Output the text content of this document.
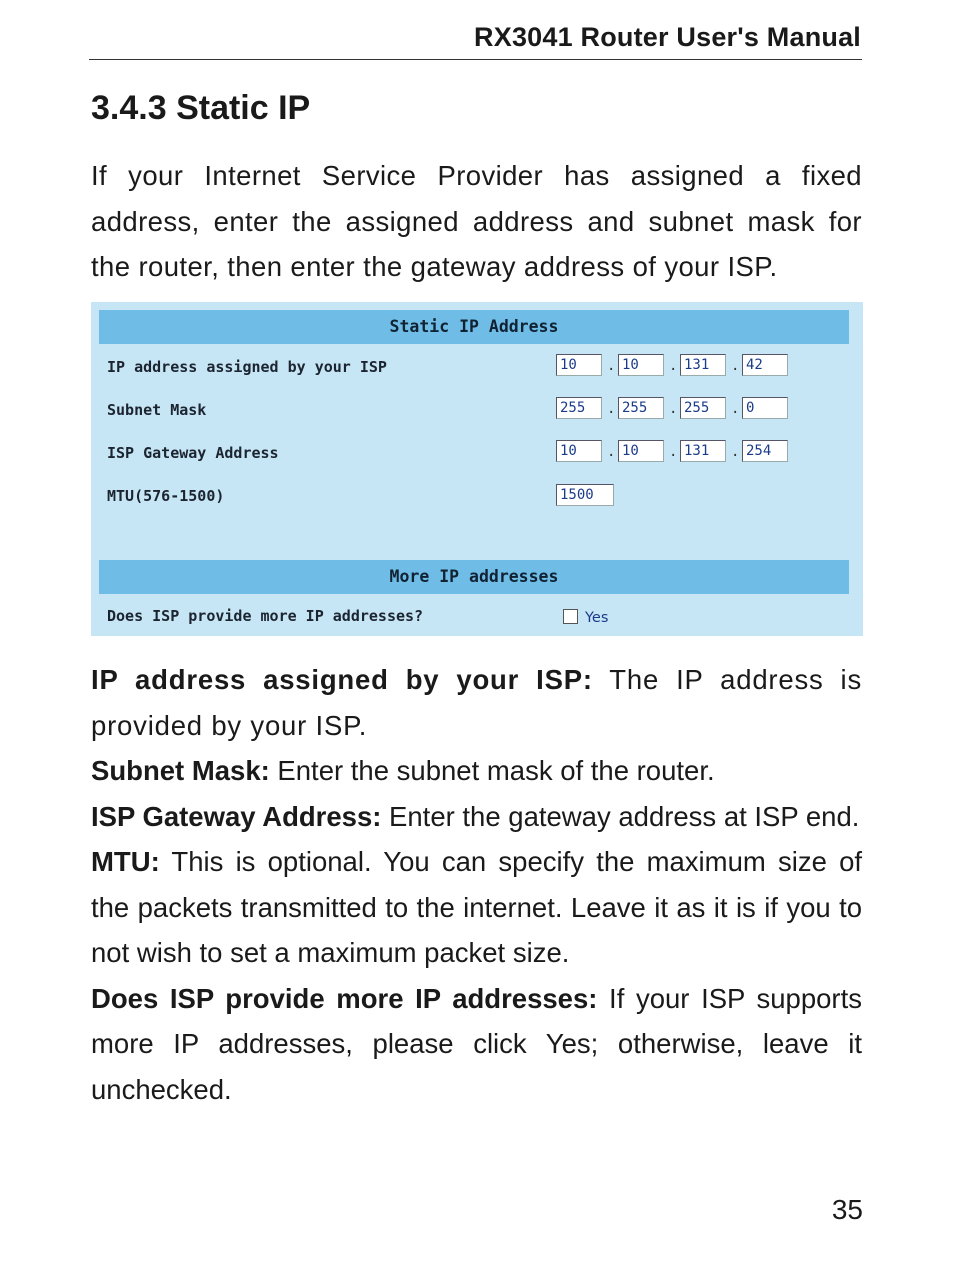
RX3041 Router User's Manual
3.4.3 Static IP
If your Internet Service Provider has assigned a fixed address, enter the assigned address and subnet mask for the router, then enter the gateway address of your ISP.
Static IP Address
IP address assigned by your ISP	10	. 10	. 131	. 42
Subnet Mask	255	. 255	. 255	. 0
ISP Gateway Address	10	. 10	. 131	. 254
MTU(576-1500)	1500
More IP addresses
Does ISP provide more IP addresses?	Yes

IP address assigned by your ISP: The IP address is provided by your ISP.

Subnet Mask: Enter the subnet mask of the router.

ISP Gateway Address: Enter the gateway address at ISP end.

MTU: This is optional. You can specify the maximum size of the packets transmitted to the internet. Leave it as it is if you to not wish to set a maximum packet size.

Does ISP provide more IP addresses: If your ISP supports more IP addresses, please click Yes; otherwise, leave it unchecked.

35
